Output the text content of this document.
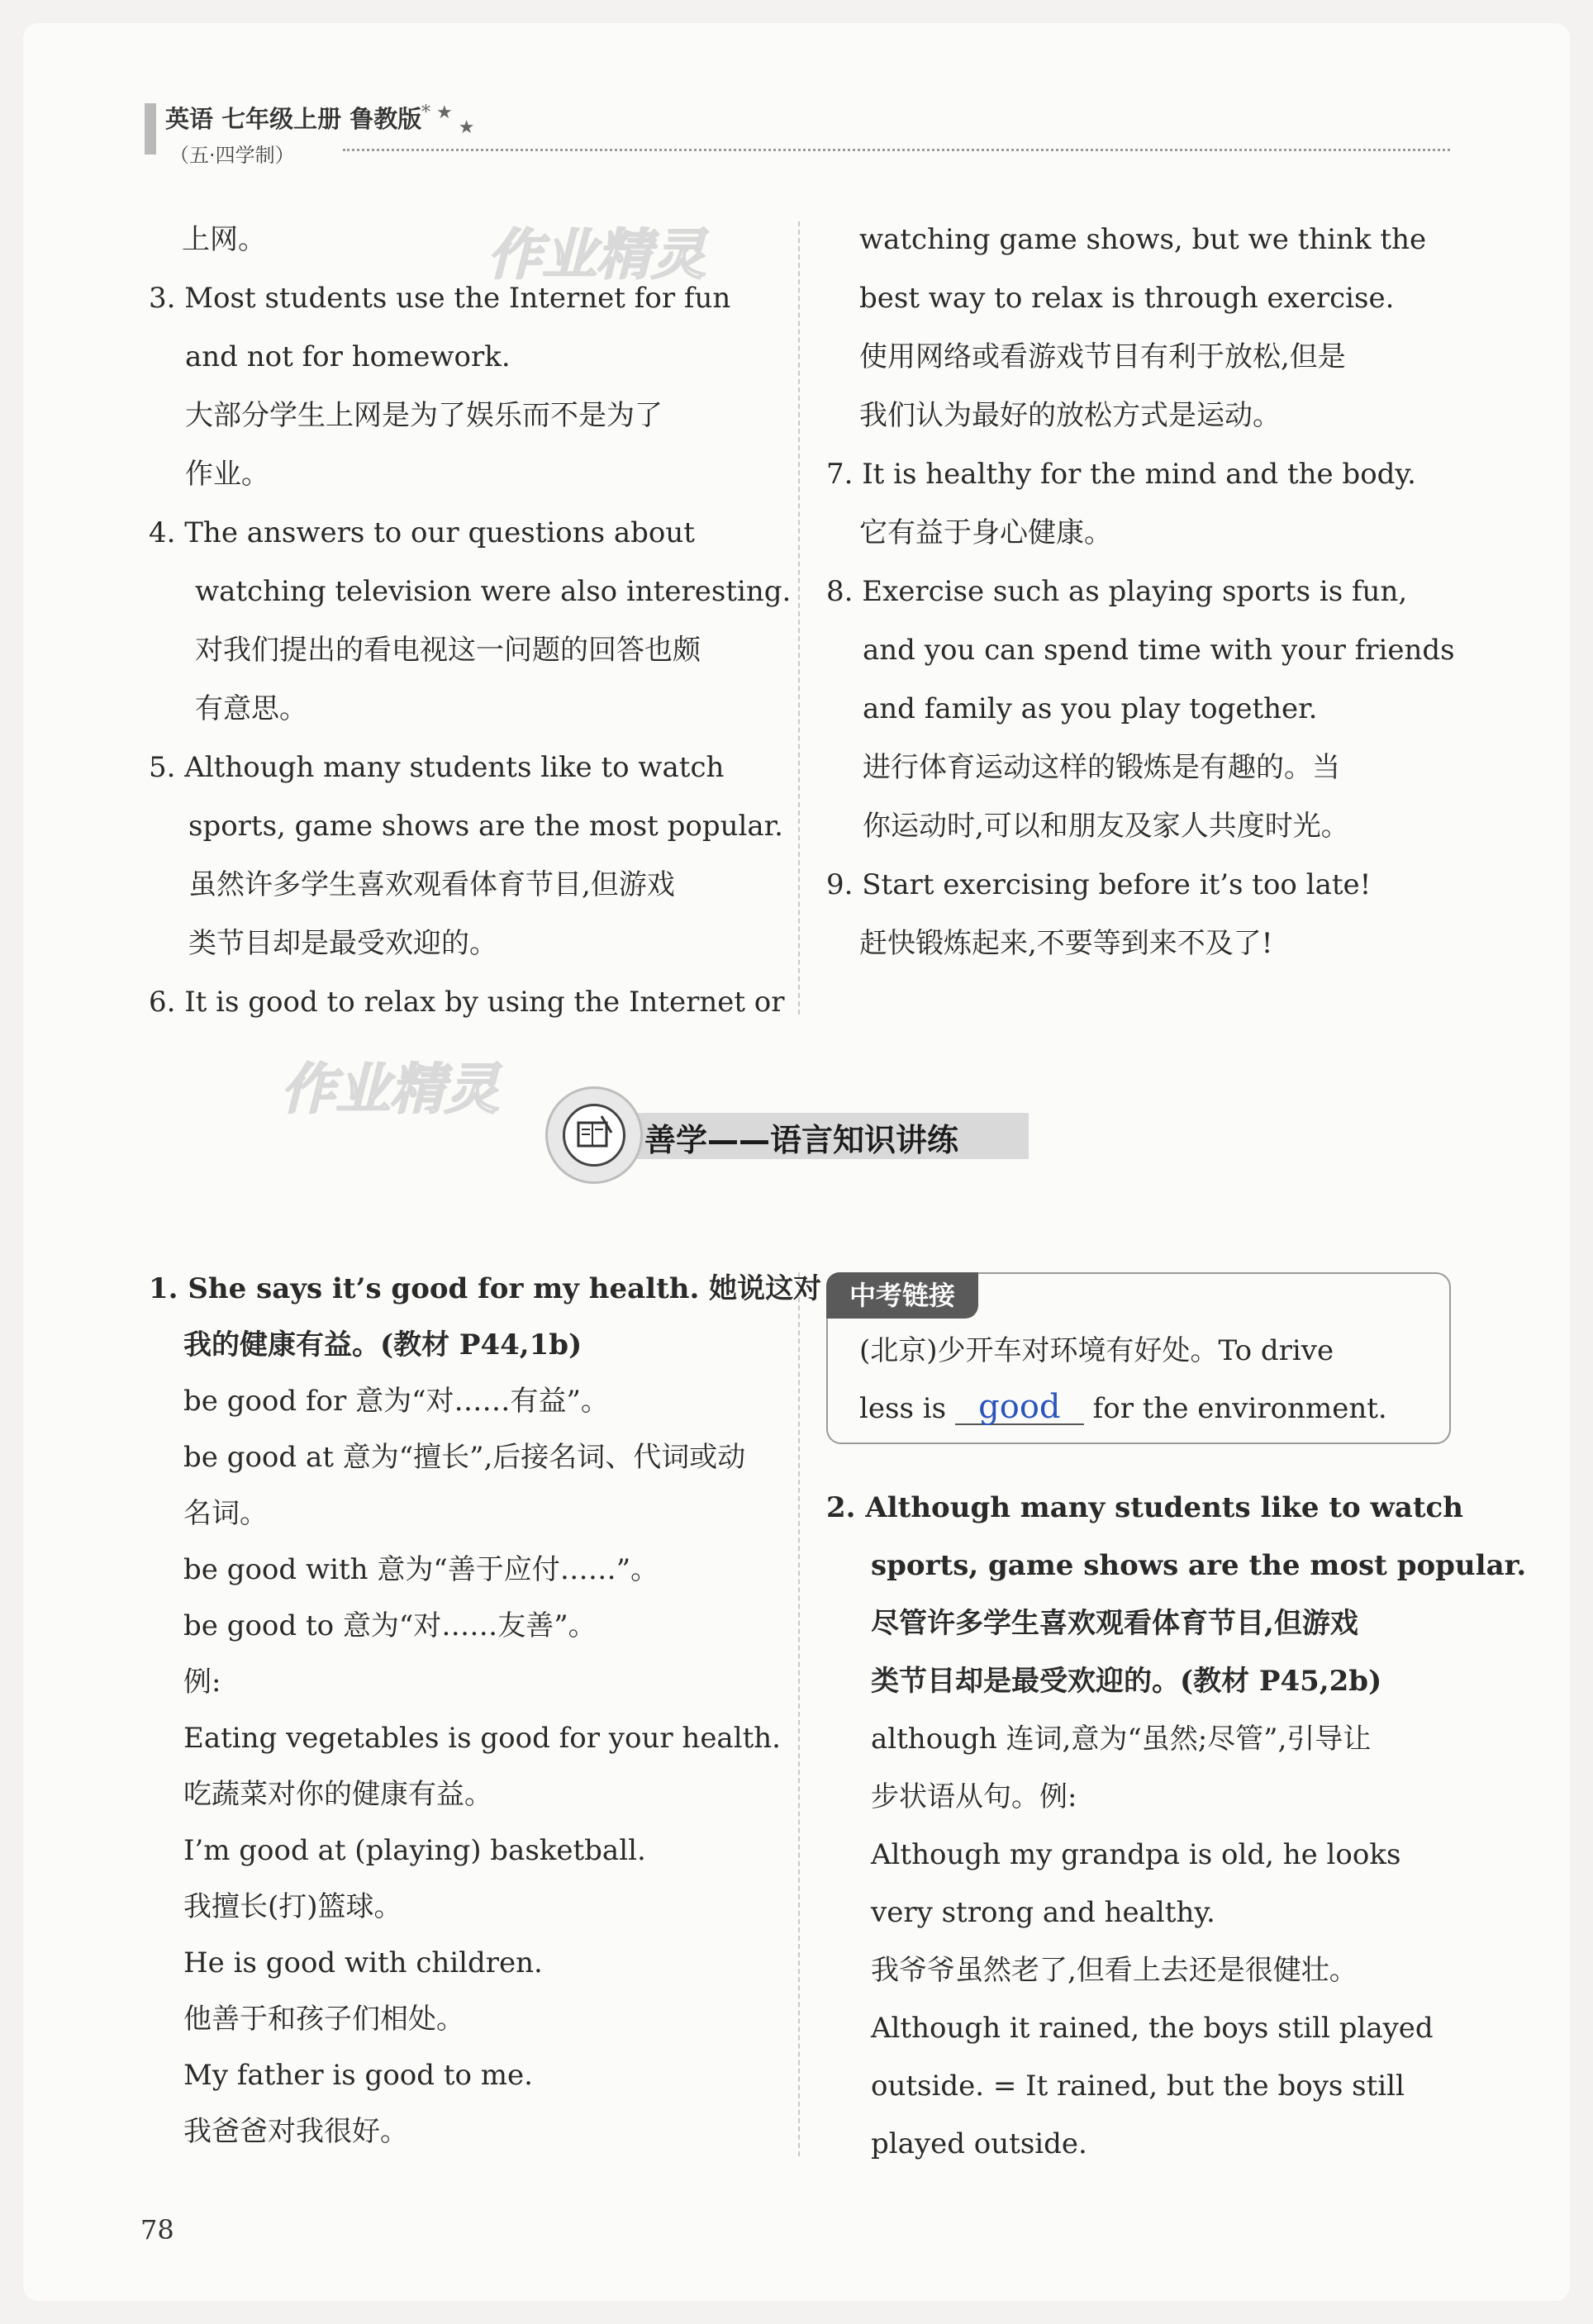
英语 七年级上册 鲁教版 * ★ ★
（五·四学制）
作业精灵
作业精灵
上网。
3. Most students use the Internet for fun
and not for homework.
大部分学生上网是为了娱乐而不是为了
作业。
4. The answers to our questions about
watching television were also interesting.
对我们提出的看电视这一问题的回答也颇
有意思。
5. Although many students like to watch
sports, game shows are the most popular.
虽然许多学生喜欢观看体育节目,但游戏
类节目却是最受欢迎的。
6. It is good to relax by using the Internet or
watching game shows, but we think the
best way to relax is through exercise.
使用网络或看游戏节目有利于放松,但是
我们认为最好的放松方式是运动。
7. It is healthy for the mind and the body.
它有益于身心健康。
8. Exercise such as playing sports is fun,
and you can spend time with your friends
and family as you play together.
进行体育运动这样的锻炼是有趣的。当
你运动时,可以和朋友及家人共度时光。
9. Start exercising before it’s too late!
赶快锻炼起来,不要等到来不及了!
善学——语言知识讲练
1. She says it’s good for my health. 她说这对
我的健康有益。(教材 P44,1b)
be good for 意为“对……有益”。
be good at 意为“擅长”,后接名词、代词或动
名词。
be good with 意为“善于应付……”。
be good to 意为“对……友善”。
例:
Eating vegetables is good for your health.
吃蔬菜对你的健康有益。
I’m good at (playing) basketball.
我擅长(打)篮球。
He is good with children.
他善于和孩子们相处。
My father is good to me.
我爸爸对我很好。
中考链接
(北京)少开车对环境有好处。To drive
less is good for the environment.
2. Although many students like to watch
sports, game shows are the most popular.
尽管许多学生喜欢观看体育节目,但游戏
类节目却是最受欢迎的。(教材 P45,2b)
although 连词,意为“虽然;尽管”,引导让
步状语从句。例:
Although my grandpa is old, he looks
very strong and healthy.
我爷爷虽然老了,但看上去还是很健壮。
Although it rained, the boys still played
outside. = It rained, but the boys still
played outside.
78
